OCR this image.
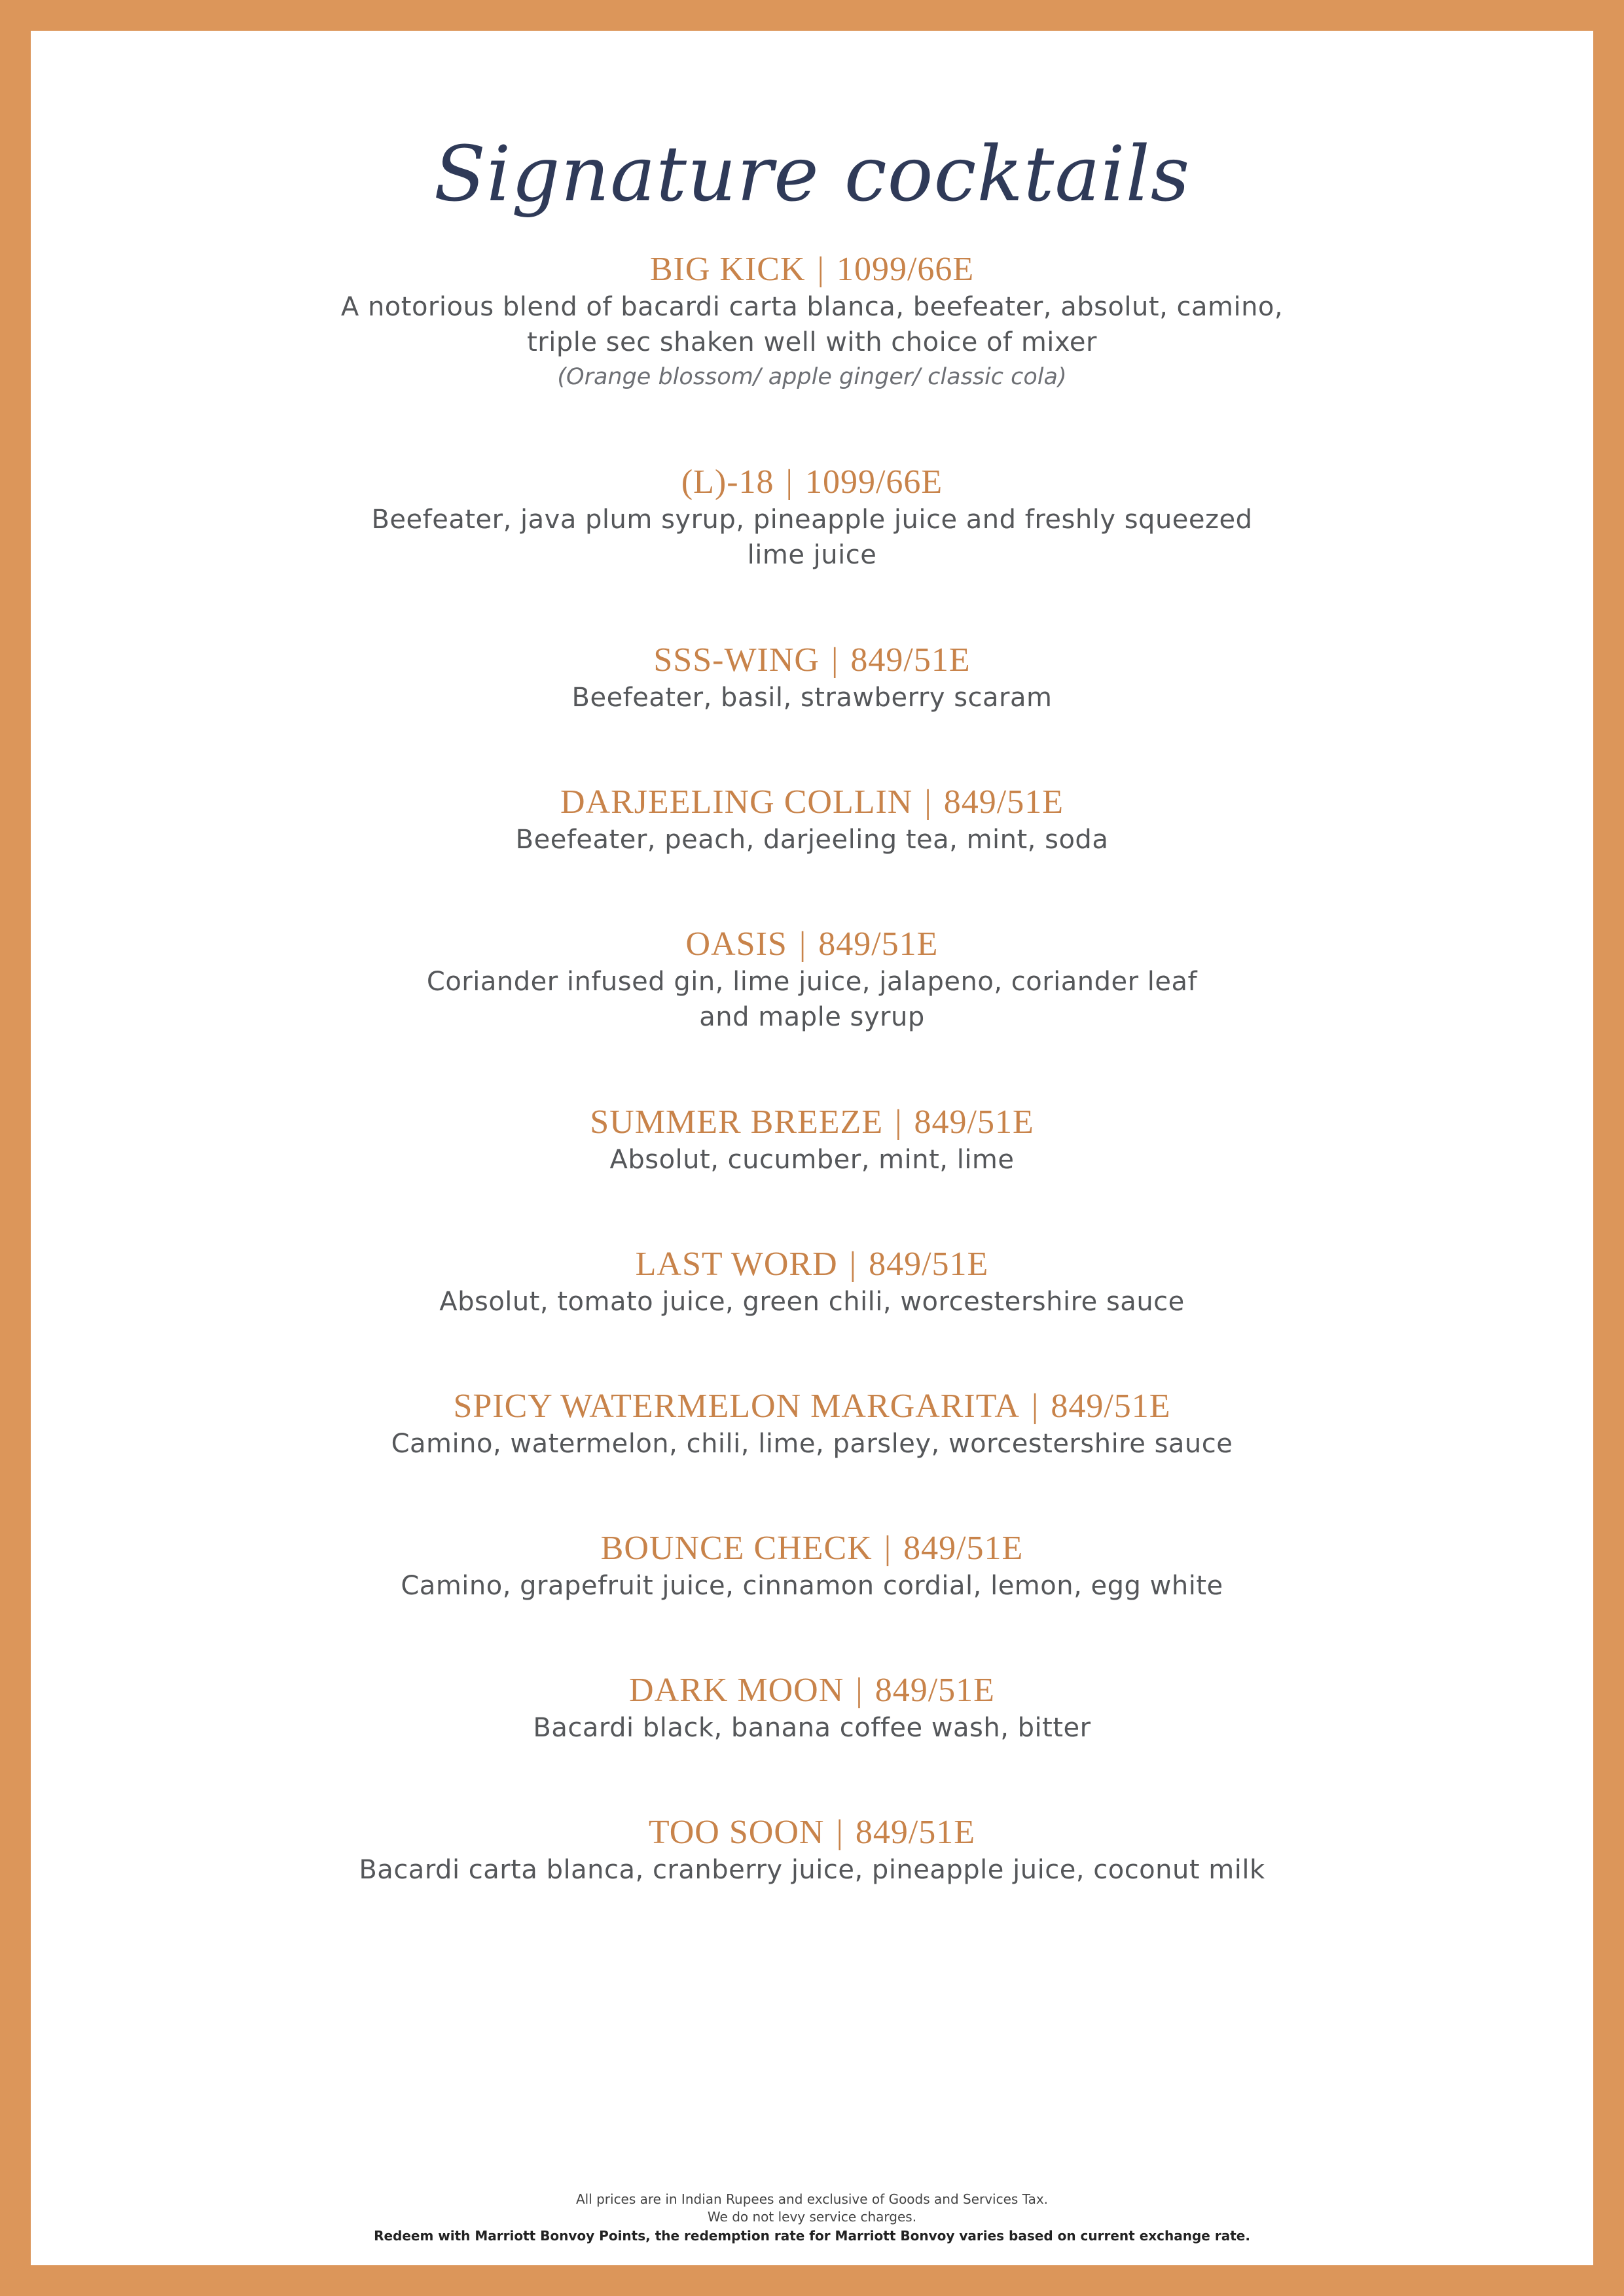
Signature cocktails
BIG KICK | 1099/66E
A notorious blend of bacardi carta blanca, beefeater, absolut, camino,
triple sec shaken well with choice of mixer
(Orange blossom/ apple ginger/ classic cola)
(L)-18 | 1099/66E
Beefeater, java plum syrup, pineapple juice and freshly squeezed
lime juice
SSS-WING | 849/51E
Beefeater, basil, strawberry scaram
DARJEELING COLLIN | 849/51E
Beefeater, peach, darjeeling tea, mint, soda
OASIS | 849/51E
Coriander infused gin, lime juice, jalapeno, coriander leaf
and maple syrup
SUMMER BREEZE | 849/51E
Absolut, cucumber, mint, lime
LAST WORD | 849/51E
Absolut, tomato juice, green chili, worcestershire sauce
SPICY WATERMELON MARGARITA | 849/51E
Camino, watermelon, chili, lime, parsley, worcestershire sauce
BOUNCE CHECK | 849/51E
Camino, grapefruit juice, cinnamon cordial, lemon, egg white
DARK MOON | 849/51E
Bacardi black, banana coffee wash, bitter
TOO SOON | 849/51E
Bacardi carta blanca, cranberry juice, pineapple juice, coconut milk
All prices are in Indian Rupees and exclusive of Goods and Services Tax.
We do not levy service charges.
Redeem with Marriott Bonvoy Points, the redemption rate for Marriott Bonvoy varies based on current exchange rate.
